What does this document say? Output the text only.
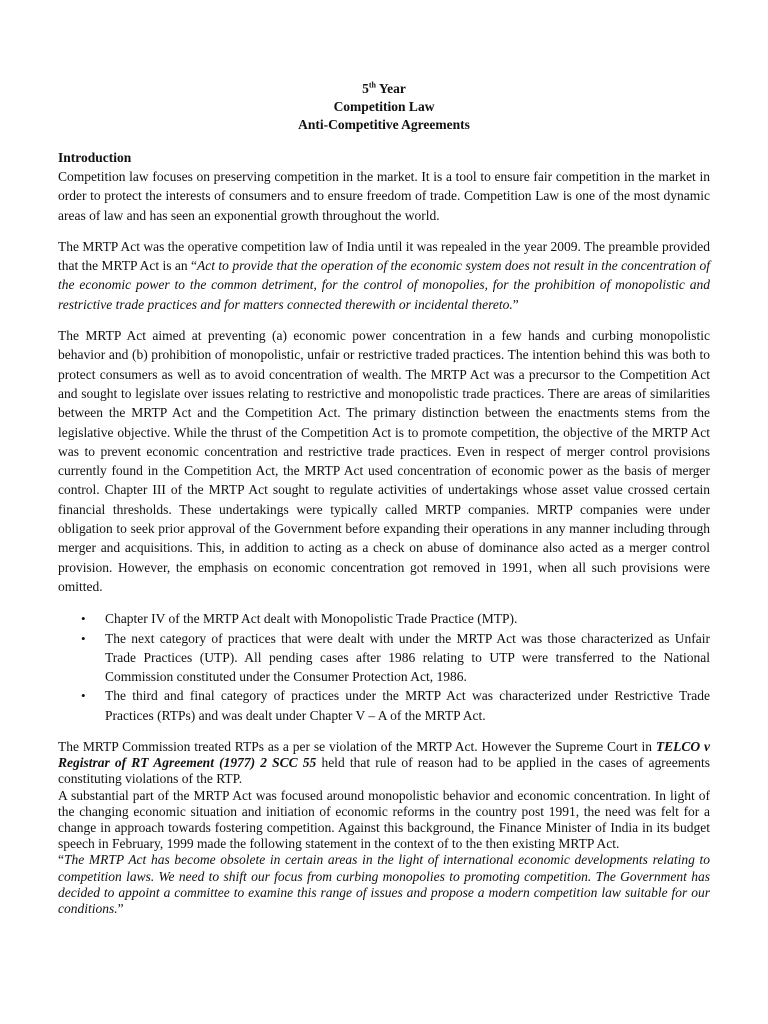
5th Year
Competition Law
Anti-Competitive Agreements
Introduction

Competition law focuses on preserving competition in the market. It is a tool to ensure fair competition in the market in order to protect the interests of consumers and to ensure freedom of trade. Competition Law is one of the most dynamic areas of law and has seen an exponential growth throughout the world.

The MRTP Act was the operative competition law of India until it was repealed in the year 2009. The preamble provided that the MRTP Act is an “Act to provide that the operation of the economic system does not result in the concentration of the economic power to the common detriment, for the control of monopolies, for the prohibition of monopolistic and restrictive trade practices and for matters connected therewith or incidental thereto.”

The MRTP Act aimed at preventing (a) economic power concentration in a few hands and curbing monopolistic behavior and (b) prohibition of monopolistic, unfair or restrictive traded practices. The intention behind this was both to protect consumers as well as to avoid concentration of wealth. The MRTP Act was a precursor to the Competition Act and sought to legislate over issues relating to restrictive and monopolistic trade practices. There are areas of similarities between the MRTP Act and the Competition Act. The primary distinction between the enactments stems from the legislative objective. While the thrust of the Competition Act is to promote competition, the objective of the MRTP Act was to prevent economic concentration and restrictive trade practices. Even in respect of merger control provisions currently found in the Competition Act, the MRTP Act used concentration of economic power as the basis of merger control. Chapter III of the MRTP Act sought to regulate activities of undertakings whose asset value crossed certain financial thresholds. These undertakings were typically called MRTP companies. MRTP companies were under obligation to seek prior approval of the Government before expanding their operations in any manner including through merger and acquisitions. This, in addition to acting as a check on abuse of dominance also acted as a merger control provision. However, the emphasis on economic concentration got removed in 1991, when all such provisions were omitted.

• Chapter IV of the MRTP Act dealt with Monopolistic Trade Practice (MTP).
• The next category of practices that were dealt with under the MRTP Act was those characterized as Unfair Trade Practices (UTP). All pending cases after 1986 relating to UTP were transferred to the National Commission constituted under the Consumer Protection Act, 1986.
• The third and final category of practices under the MRTP Act was characterized under Restrictive Trade Practices (RTPs) and was dealt under Chapter V – A of the MRTP Act.

The MRTP Commission treated RTPs as a per se violation of the MRTP Act. However the Supreme Court in TELCO v Registrar of RT Agreement (1977) 2 SCC 55 held that rule of reason had to be applied in the cases of agreements constituting violations of the RTP.

A substantial part of the MRTP Act was focused around monopolistic behavior and economic concentration. In light of the changing economic situation and initiation of economic reforms in the country post 1991, the need was felt for a change in approach towards fostering competition. Against this background, the Finance Minister of India in its budget speech in February, 1999 made the following statement in the context of to the then existing MRTP Act.

“The MRTP Act has become obsolete in certain areas in the light of international economic developments relating to competition laws. We need to shift our focus from curbing monopolies to promoting competition. The Government has decided to appoint a committee to examine this range of issues and propose a modern competition law suitable for our conditions.”
